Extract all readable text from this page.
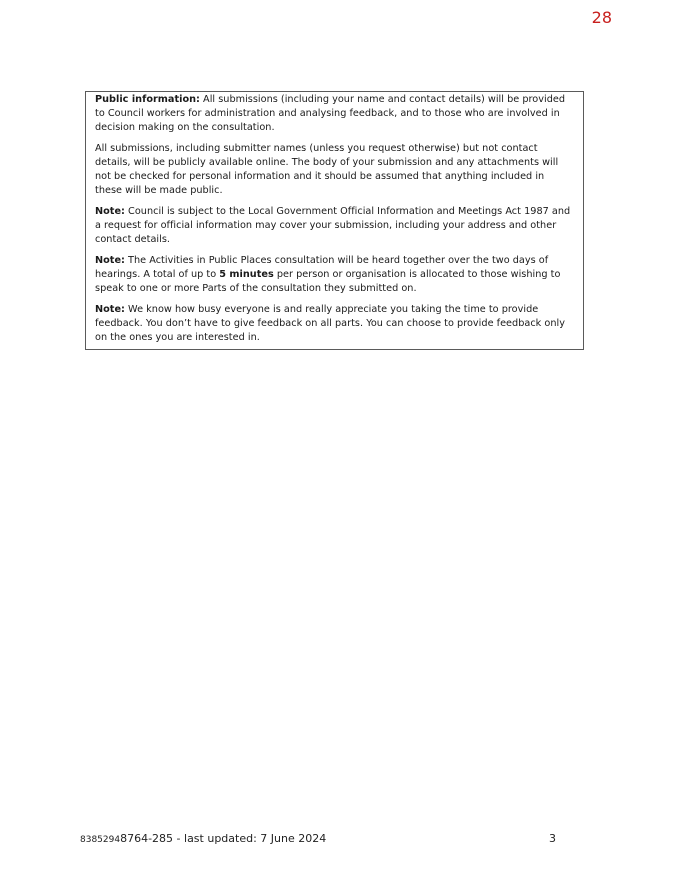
28

Public information: All submissions (including your name and contact details) will be provided to Council workers for administration and analysing feedback, and to those who are involved in decision making on the consultation.

All submissions, including submitter names (unless you request otherwise) but not contact details, will be publicly available online. The body of your submission and any attachments will not be checked for personal information and it should be assumed that anything included in these will be made public.

Note: Council is subject to the Local Government Official Information and Meetings Act 1987 and a request for official information may cover your submission, including your address and other contact details.

Note: The Activities in Public Places consultation will be heard together over the two days of hearings. A total of up to 5 minutes per person or organisation is allocated to those wishing to speak to one or more Parts of the consultation they submitted on.

Note: We know how busy everyone is and really appreciate you taking the time to provide feedback. You don’t have to give feedback on all parts. You can choose to provide feedback only on the ones you are interested in.

83852948764-285 - last updated: 7 June 2024	3
